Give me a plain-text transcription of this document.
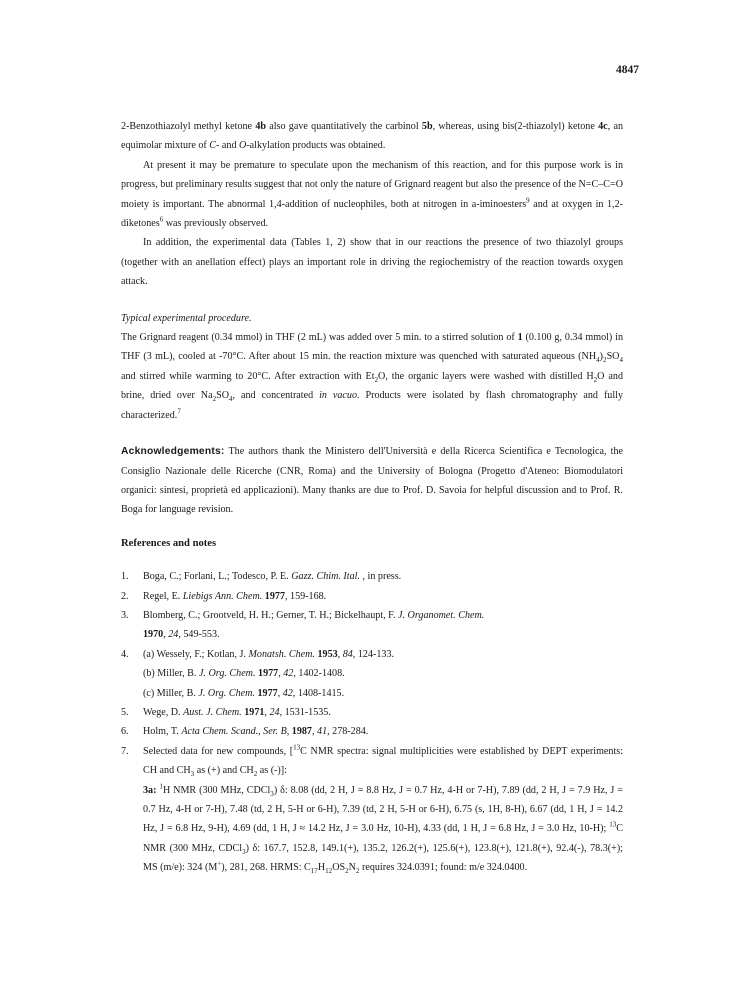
4847

2-Benzothiazolyl methyl ketone 4b also gave quantitatively the carbinol 5b, whereas, using bis(2-thiazolyl) ketone 4c, an equimolar mixture of C- and O-alkylation products was obtained.

At present it may be premature to speculate upon the mechanism of this reaction, and for this purpose work is in progress, but preliminary results suggest that not only the nature of Grignard reagent but also the presence of the N=C–C=O moiety is important. The abnormal 1,4-addition of nucleophiles, both at nitrogen in a-iminoesters$^9$ and at oxygen in 1,2-diketones$^6$ was previously observed.

In addition, the experimental data (Tables 1, 2) show that in our reactions the presence of two thiazolyl groups (together with an anellation effect) plays an important role in driving the regiochemistry of the reaction towards oxygen attack.

Typical experimental procedure.

The Grignard reagent (0.34 mmol) in THF (2 mL) was added over 5 min. to a stirred solution of 1 (0.100 g, 0.34 mmol) in THF (3 mL), cooled at -70°C. After about 15 min. the reaction mixture was quenched with saturated aqueous $(NH_4)_2SO_4$ and stirred while warming to 20°C. After extraction with $Et_2O$, the organic layers were washed with distilled $H_2O$ and brine, dried over $Na_2SO_4$, and concentrated in vacuo. Products were isolated by flash chromatography and fully characterized.$^7$

Acknowledgements: The authors thank the Ministero dell'Università e della Ricerca Scientifica e Tecnologica, the Consiglio Nazionale delle Ricerche (CNR, Roma) and the University of Bologna (Progetto d'Ateneo: Biomodulatori organici: sintesi, proprietà ed applicazioni). Many thanks are due to Prof. D. Savoia for helpful discussion and to Prof. R. Boga for language revision.

References and notes

1.	Boga, C.; Forlani, L.; Todesco, P. E. Gazz. Chim. Ital. , in press.
2.	Regel, E. Liebigs Ann. Chem. 1977, 159-168.
3.	Blomberg, C.; Grootveld, H. H.; Gerner, T. H.; Bickelhaupt, F. J. Organomet. Chem.
1970, 24, 549-553.
4.	(a) Wessely, F.; Kotlan, J. Monatsh. Chem. 1953, 84, 124-133.
(b) Miller, B. J. Org. Chem. 1977, 42, 1402-1408.
(c) Miller, B. J. Org. Chem. 1977, 42, 1408-1415.
5.	Wege, D. Aust. J. Chem. 1971, 24, 1531-1535.
6.	Holm, T. Acta Chem. Scand., Ser. B, 1987, 41, 278-284.
7.	Selected data for new compounds, [$^{13}$C NMR spectra: signal multiplicities were established by DEPT experiments: CH and $CH_3$ as (+) and $CH_2$ as (-)]:
3a: $^1$H NMR (300 MHz, CDCl$_3$) δ: 8.08 (dd, 2 H, J = 8.8 Hz, J = 0.7 Hz, 4-H or 7-H), 7.89 (dd, 2 H, J = 7.9 Hz, J = 0.7 Hz, 4-H or 7-H), 7.48 (td, 2 H, 5-H or 6-H), 7.39 (td, 2 H, 5-H or 6-H), 6.75 (s, 1H, 8-H), 6.67 (dd, 1 H, J = 14.2 Hz, J = 6.8 Hz, 9-H), 4.69 (dd, 1 H, J ≈ 14.2 Hz, J = 3.0 Hz, 10-H), 4.33 (dd, 1 H, J = 6.8 Hz, J = 3.0 Hz, 10-H); $^{13}$C NMR (300 MHz, CDCl$_3$) δ: 167.7, 152.8, 149.1(+), 135.2, 126.2(+), 125.6(+), 123.8(+), 121.8(+), 92.4(-), 78.3(+); MS (m/e): 324 (M+), 281, 268. HRMS: $C_{17}H_{12}OS_2N_2$ requires 324.0391; found: m/e 324.0400.
